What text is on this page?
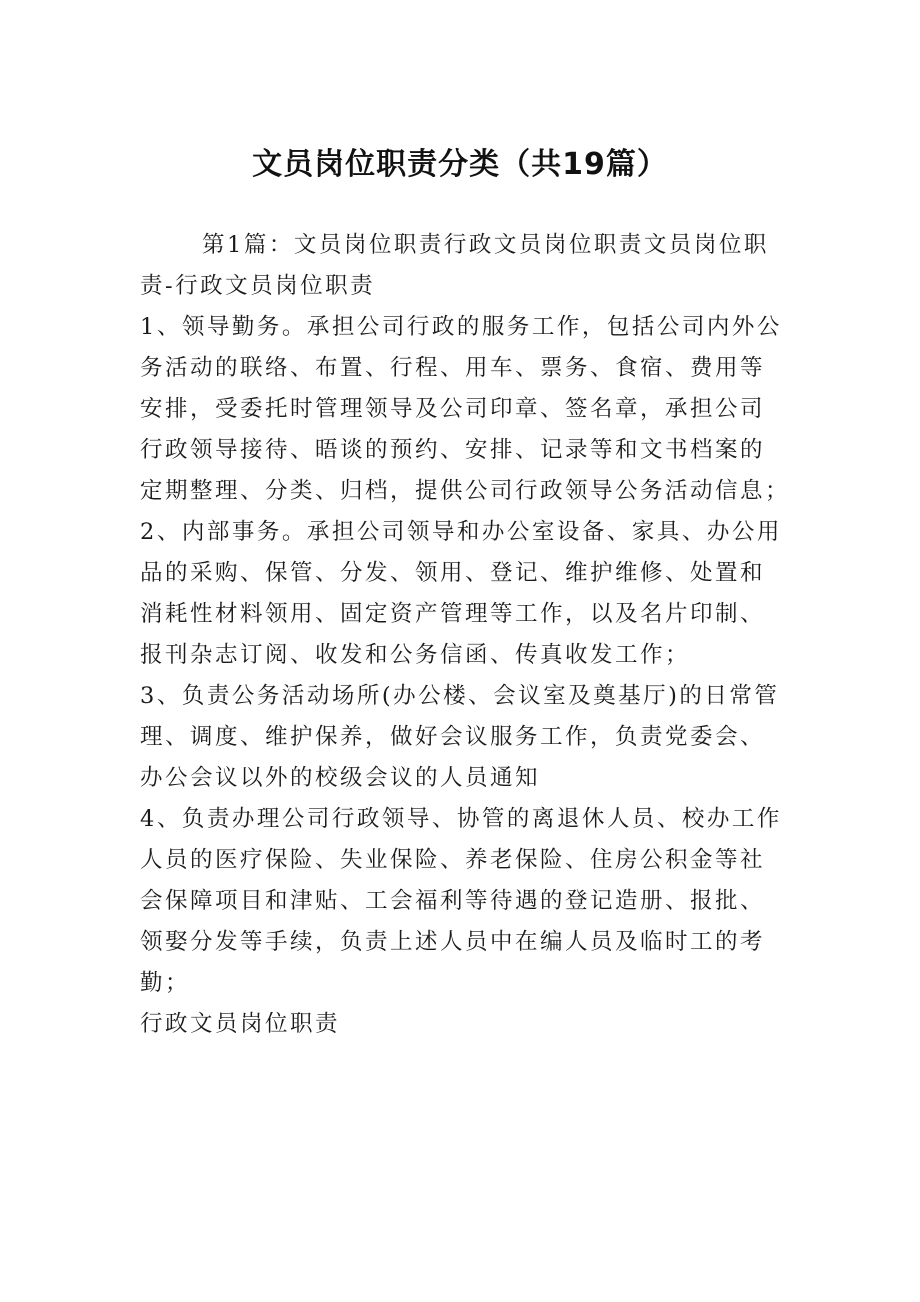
文员岗位职责分类（共19篇）
第1篇：文员岗位职责行政文员岗位职责文员岗位职
责-行政文员岗位职责
1、领导勤务。承担公司行政的服务工作，包括公司内外公
务活动的联络、布置、行程、用车、票务、食宿、费用等
安排，受委托时管理领导及公司印章、签名章，承担公司
行政领导接待、晤谈的预约、安排、记录等和文书档案的
定期整理、分类、归档，提供公司行政领导公务活动信息；
2、内部事务。承担公司领导和办公室设备、家具、办公用
品的采购、保管、分发、领用、登记、维护维修、处置和
消耗性材料领用、固定资产管理等工作，以及名片印制、
报刊杂志订阅、收发和公务信函、传真收发工作；
3、负责公务活动场所(办公楼、会议室及奠基厅)的日常管
理、调度、维护保养，做好会议服务工作，负责党委会、
办公会议以外的校级会议的人员通知
4、负责办理公司行政领导、协管的离退休人员、校办工作
人员的医疗保险、失业保险、养老保险、住房公积金等社
会保障项目和津贴、工会福利等待遇的登记造册、报批、
领娶分发等手续，负责上述人员中在编人员及临时工的考
勤；
行政文员岗位职责
